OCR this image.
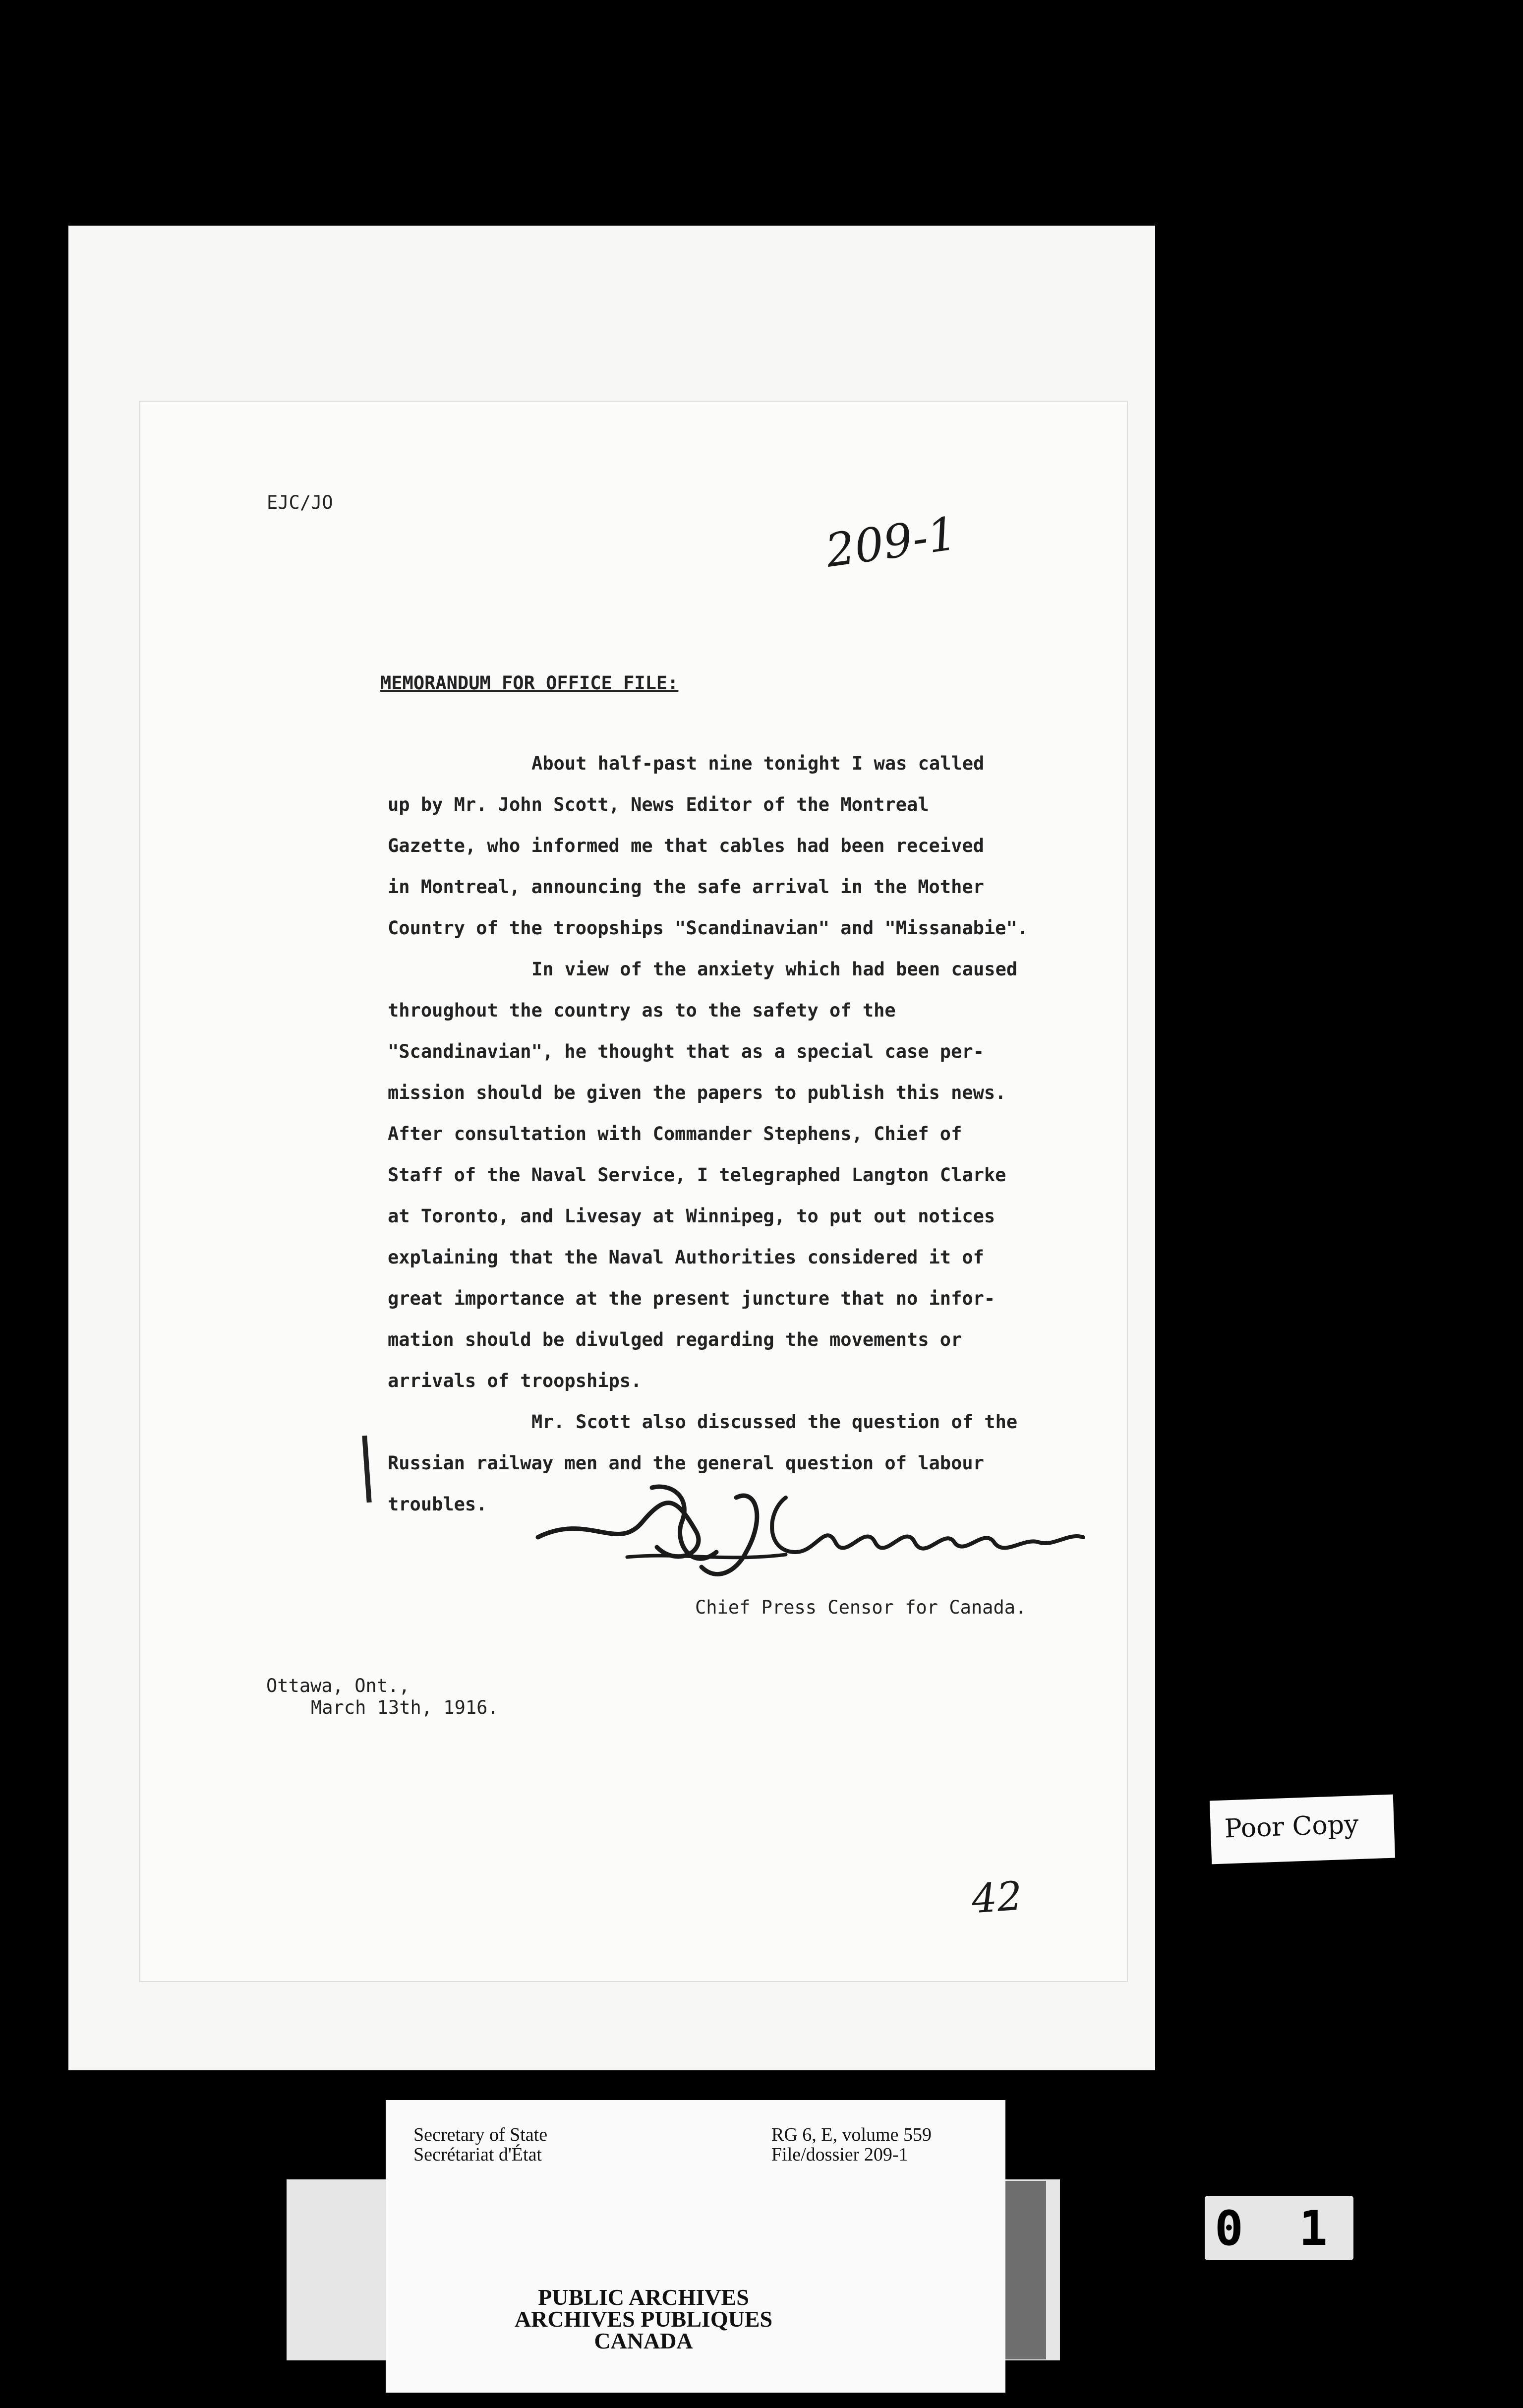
EJC/JO
209-1
MEMORANDUM FOR OFFICE FILE:
About half-past nine tonight I was called
up by Mr. John Scott, News Editor of the Montreal
Gazette, who informed me that cables had been received
in Montreal, announcing the safe arrival in the Mother
Country of the troopships "Scandinavian" and "Missanabie".
In view of the anxiety which had been caused
throughout the country as to the safety of the
"Scandinavian", he thought that as a special case per-
mission should be given the papers to publish this news.
After consultation with Commander Stephens, Chief of
Staff of the Naval Service, I telegraphed Langton Clarke
at Toronto, and Livesay at Winnipeg, to put out notices
explaining that the Naval Authorities considered it of
great importance at the present juncture that no infor-
mation should be divulged regarding the movements or
arrivals of troopships.
Mr. Scott also discussed the question of the
Russian railway men and the general question of labour
troubles.
Chief Press Censor for Canada.
Ottawa, Ont.,
March 13th, 1916.
42
Poor Copy
Secretary of State
Secrétariat d'État
RG 6, E, volume 559
File/dossier 209-1
PUBLIC ARCHIVES
ARCHIVES PUBLIQUES
CANADA
0 1
